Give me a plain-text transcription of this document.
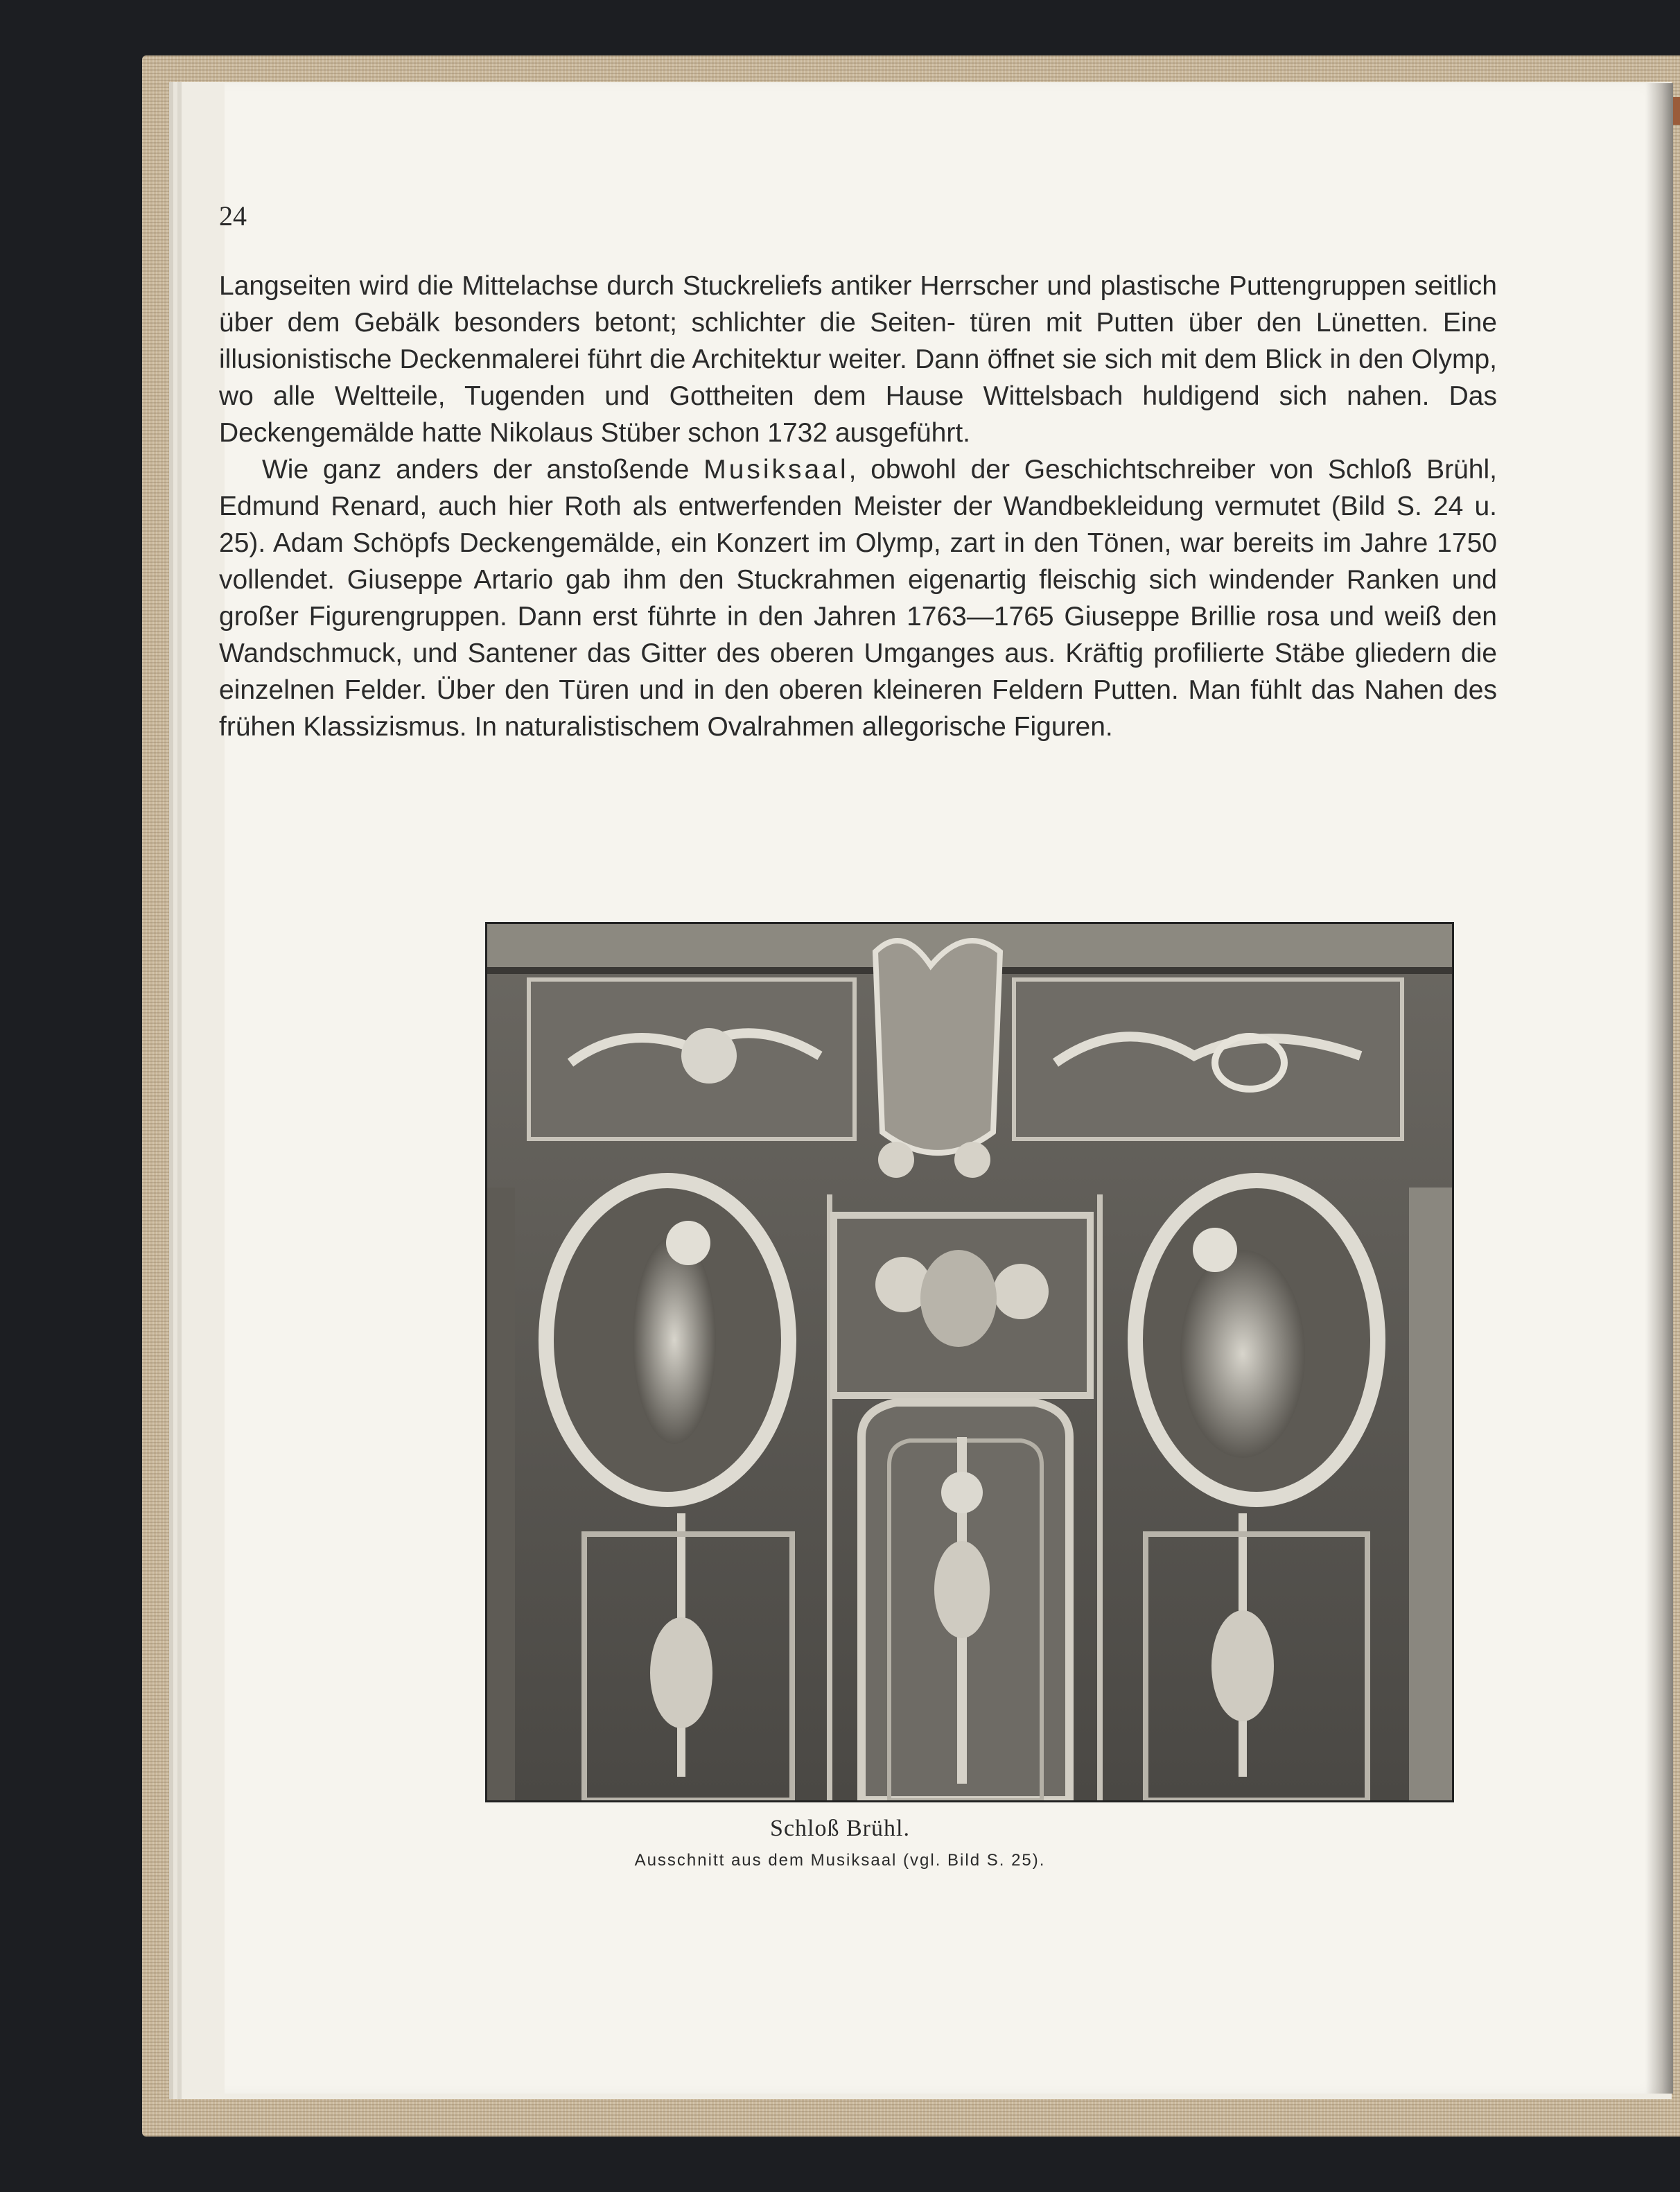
24

Langseiten wird die Mittelachse durch Stuckreliefs antiker Herrscher und plastische Puttengruppen seitlich über dem Gebälk besonders betont; schlichter die Seiten- türen mit Putten über den Lünetten. Eine illusionistische Deckenmalerei führt die Architektur weiter. Dann öffnet sie sich mit dem Blick in den Olymp, wo alle Weltteile, Tugenden und Gottheiten dem Hause Wittelsbach huldigend sich nahen. Das Deckengemälde hatte Nikolaus Stüber schon 1732 ausgeführt.

Wie ganz anders der anstoßende Musiksaal, obwohl der Geschichtschreiber von Schloß Brühl, Edmund Renard, auch hier Roth als entwerfenden Meister der Wandbekleidung vermutet (Bild S. 24 u. 25). Adam Schöpfs Deckengemälde, ein Konzert im Olymp, zart in den Tönen, war bereits im Jahre 1750 vollendet. Giuseppe Artario gab ihm den Stuckrahmen eigenartig fleischig sich windender Ranken und großer Figurengruppen. Dann erst führte in den Jahren 1763—1765 Giuseppe Brillie rosa und weiß den Wandschmuck, und Santener das Gitter des oberen Umganges aus. Kräftig profilierte Stäbe gliedern die einzelnen Felder. Über den Türen und in den oberen kleineren Feldern Putten. Man fühlt das Nahen des frühen Klassizismus. In naturalistischem Ovalrahmen allegorische Figuren.

Schloß Brühl.
Ausschnitt aus dem Musiksaal (vgl. Bild S. 25).
